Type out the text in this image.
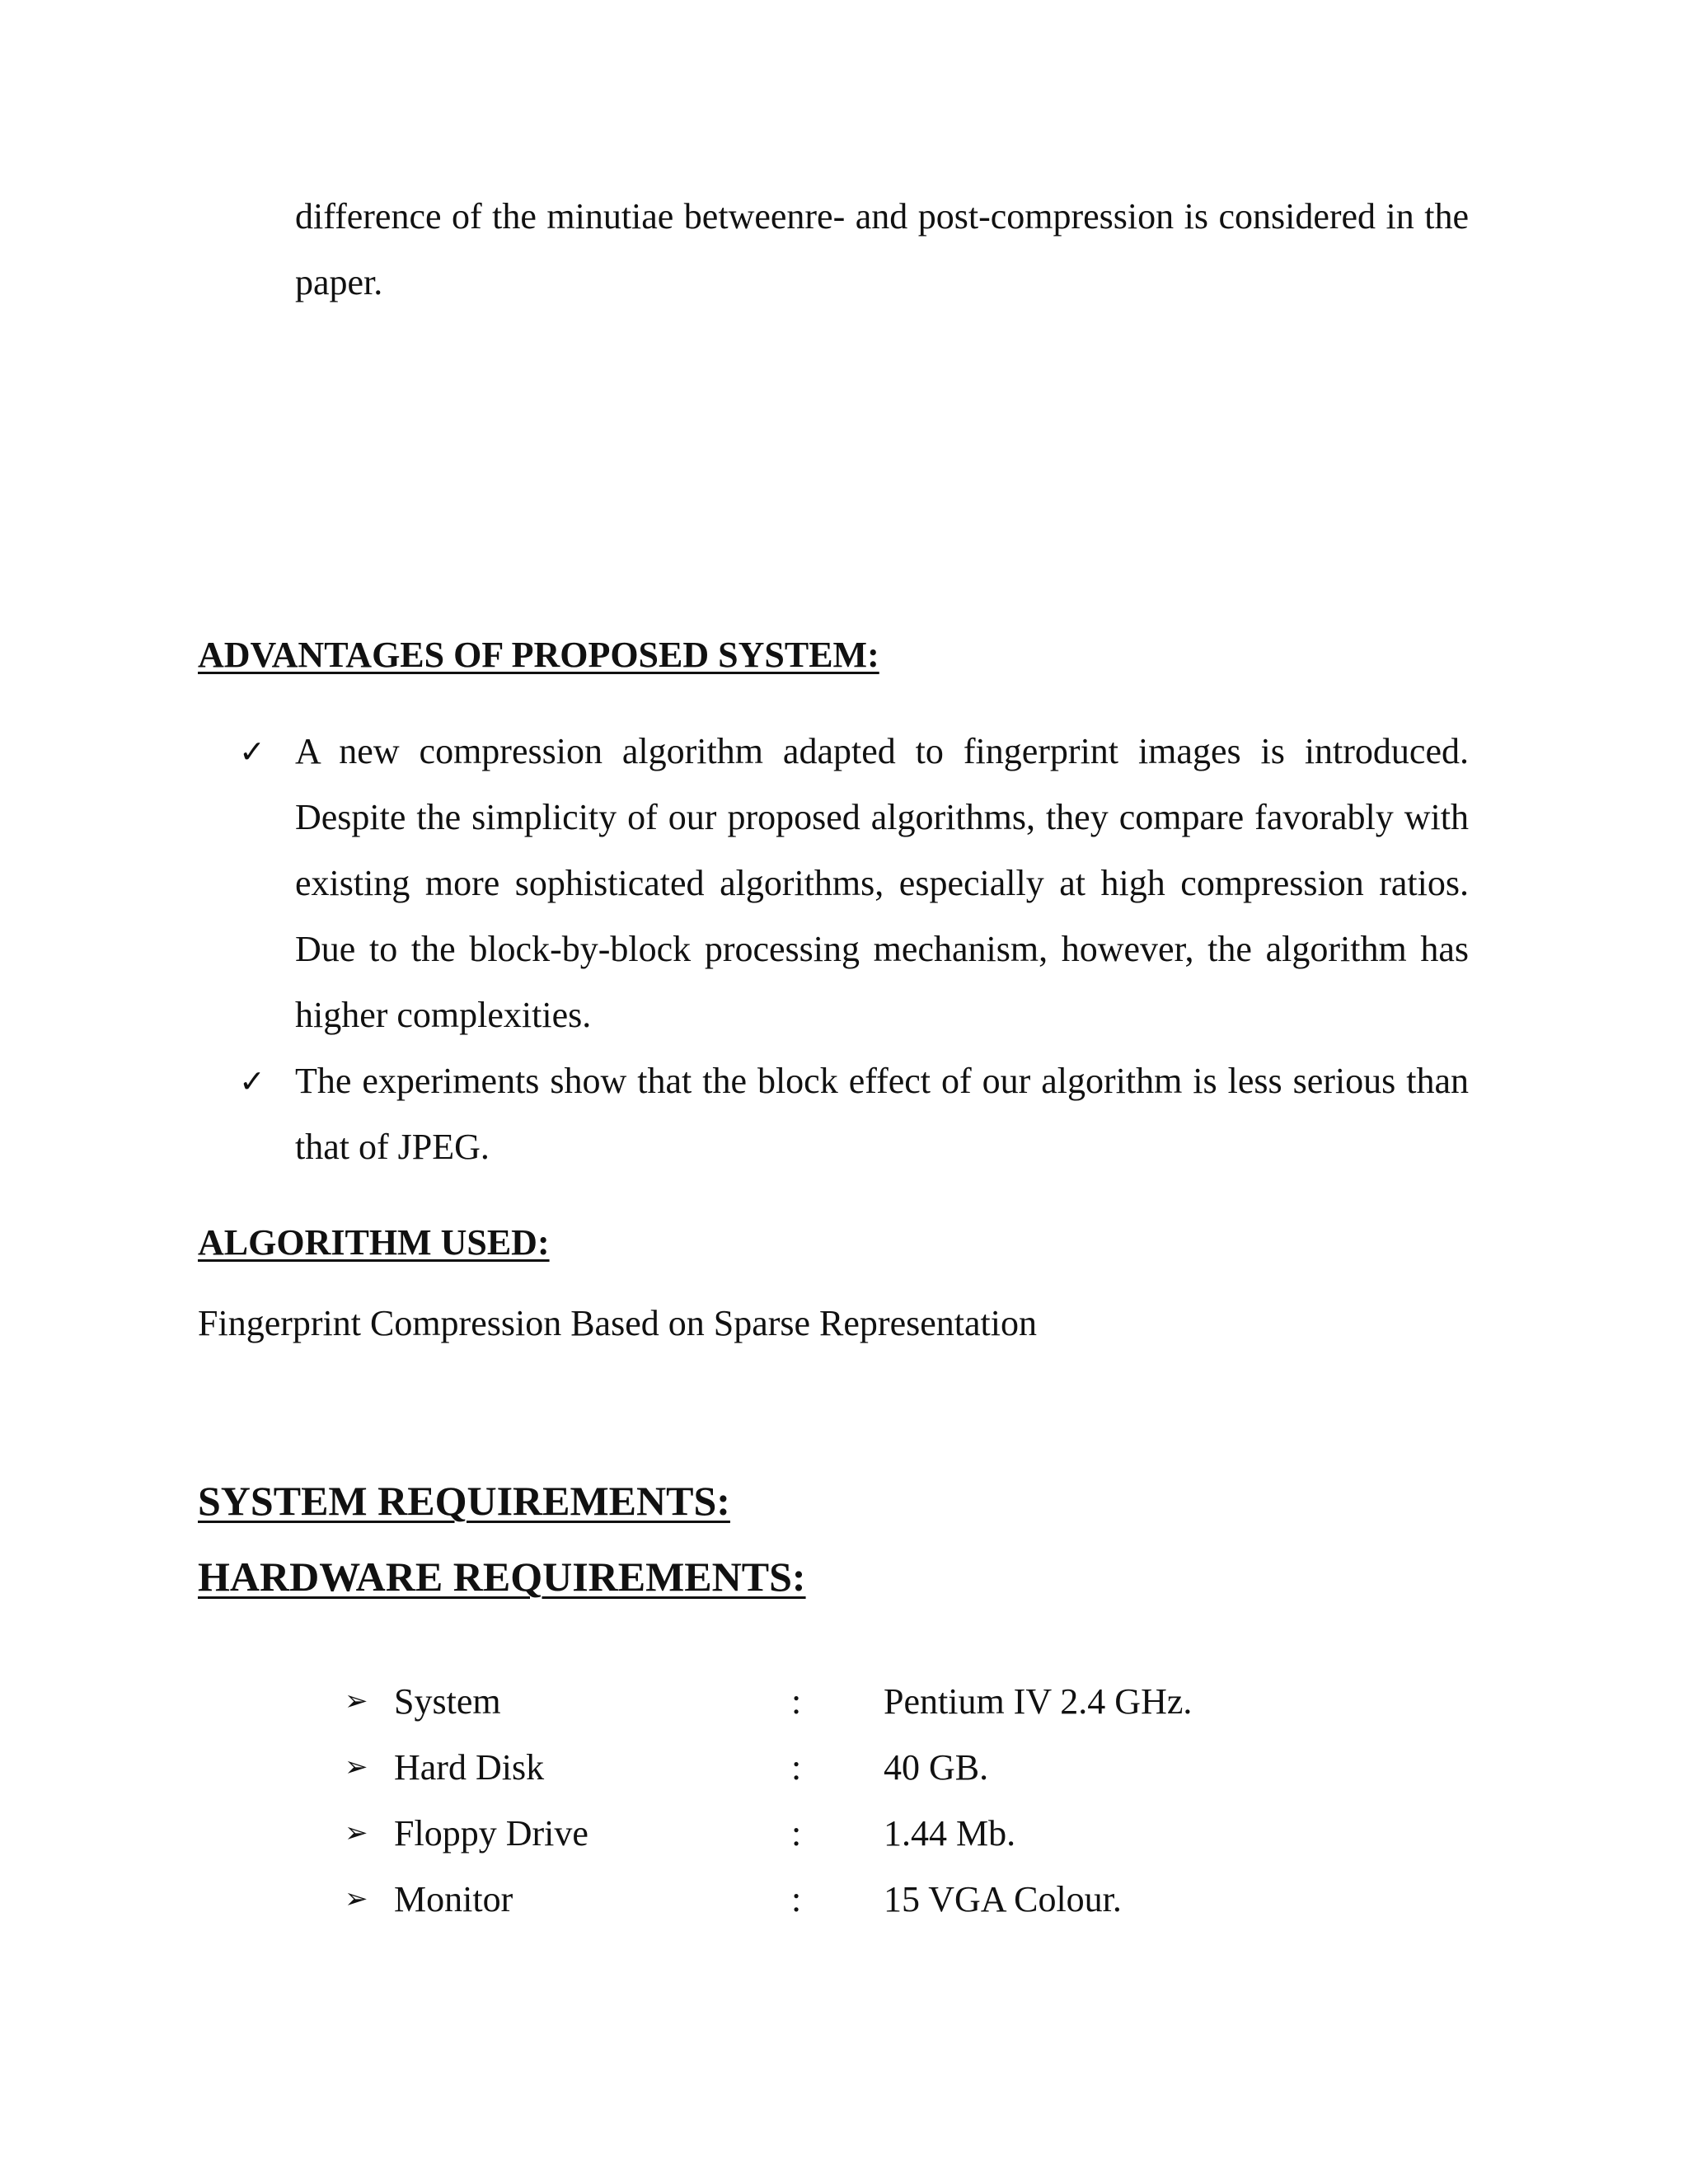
difference of the minutiae betweenre- and post-compression is considered in the paper.

ADVANTAGES OF PROPOSED SYSTEM:
✓ A new compression algorithm adapted to fingerprint images is introduced. Despite the simplicity of our proposed algorithms, they compare favorably with existing more sophisticated algorithms, especially at high compression ratios. Due to the block-by-block processing mechanism, however, the algorithm has higher complexities.
✓ The experiments show that the block effect of our algorithm is less serious than that of JPEG.
ALGORITHM USED:
Fingerprint Compression Based on Sparse Representation
SYSTEM REQUIREMENTS:
HARDWARE REQUIREMENTS:
➢	System	:	Pentium IV 2.4 GHz.
➢	Hard Disk	:	40 GB.
➢	Floppy Drive	:	1.44 Mb.
➢	Monitor	:	15 VGA Colour.
